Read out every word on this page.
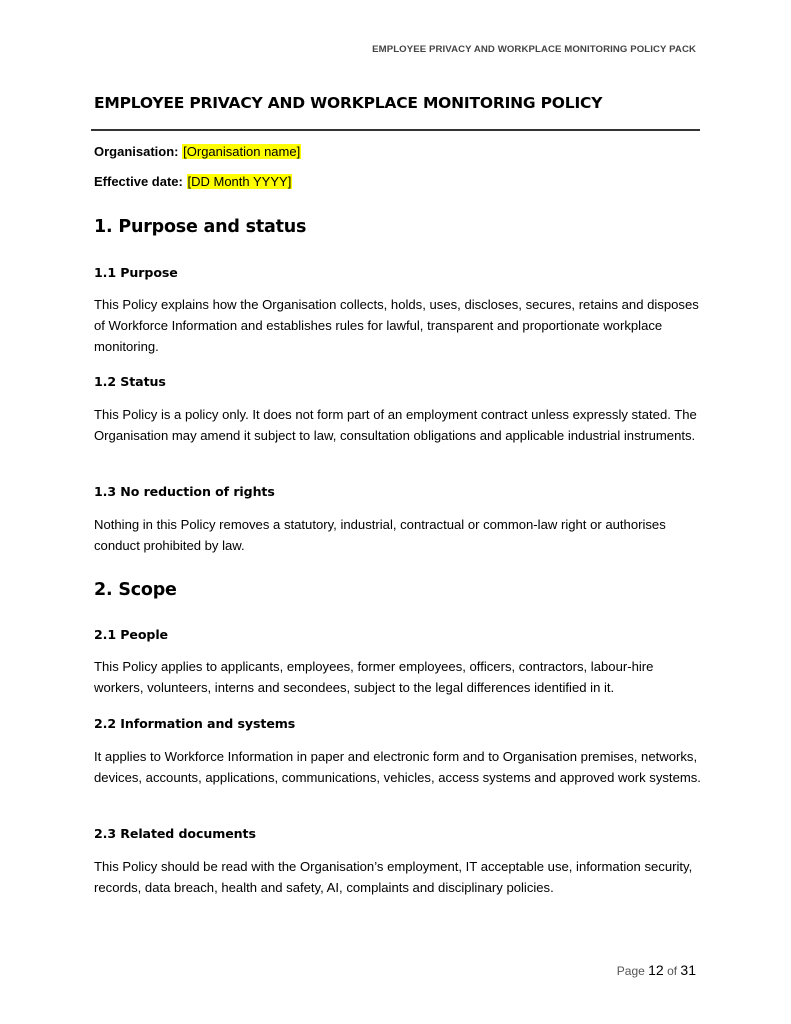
EMPLOYEE PRIVACY AND WORKPLACE MONITORING POLICY PACK
EMPLOYEE PRIVACY AND WORKPLACE MONITORING POLICY
Organisation: [Organisation name]
Effective date: [DD Month YYYY]
1. Purpose and status
1.1 Purpose

This Policy explains how the Organisation collects, holds, uses, discloses, secures, retains and disposes of Workforce Information and establishes rules for lawful, transparent and proportionate workplace monitoring.

1.2 Status

This Policy is a policy only. It does not form part of an employment contract unless expressly stated. The Organisation may amend it subject to law, consultation obligations and applicable industrial instruments.

1.3 No reduction of rights

Nothing in this Policy removes a statutory, industrial, contractual or common-law right or authorises conduct prohibited by law.

2. Scope
2.1 People

This Policy applies to applicants, employees, former employees, officers, contractors, labour-hire workers, volunteers, interns and secondees, subject to the legal differences identified in it.

2.2 Information and systems

It applies to Workforce Information in paper and electronic form and to Organisation premises, networks, devices, accounts, applications, communications, vehicles, access systems and approved work systems.

2.3 Related documents

This Policy should be read with the Organisation’s employment, IT acceptable use, information security, records, data breach, health and safety, AI, complaints and disciplinary policies.

Page 12 of 31
